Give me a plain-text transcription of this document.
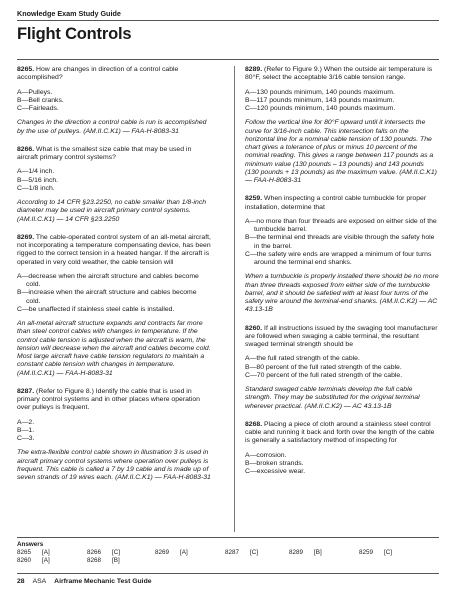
Knowledge Exam Study Guide
Flight Controls

8265. How are changes in direction of a control cable accomplished?

A—Pulleys.

B—Bell cranks.

C—Fairleads.

Changes in the direction a control cable is run is accomplished by the use of pulleys. (AM.II.C.K1) — FAA-H-8083-31

8266. What is the smallest size cable that may be used in aircraft primary control systems?

A—1/4 inch.

B—5/16 inch.

C—1/8 inch.

According to 14 CFR §23.2250, no cable smaller than 1/8-inch diameter may be used in aircraft primary control systems. (AM.II.C.K1) — 14 CFR §23.2250

8269. The cable-operated control system of an all-metal aircraft, not incorporating a temperature compensating device, has been rigged to the correct tension in a heated hangar. If the aircraft is operated in very cold weather, the cable tension will

A—decrease when the aircraft structure and cables become cold.

B—increase when the aircraft structure and cables become cold.

C—be unaffected if stainless steel cable is installed.

An all-metal aircraft structure expands and contracts far more than steel control cables with changes in temperature. If the control cable tension is adjusted when the aircraft is warm, the tension will decrease when the aircraft and cables become cold. Most large aircraft have cable tension regulators to maintain a constant cable tension with changes in temperature. (AM.II.C.K1) — FAA-H-8083-31

8287. (Refer to Figure 8.) Identify the cable that is used in primary control systems and in other places where operation over pulleys is frequent.

A—2.

B—1.

C—3.

The extra-flexible control cable shown in illustration 3 is used in aircraft primary control systems where operation over pulleys is frequent. This cable is called a 7 by 19 cable and is made up of seven strands of 19 wires each. (AM.II.C.K1) — FAA-H-8083-31

8289. (Refer to Figure 9.) When the outside air temperature is 80°F, select the acceptable 3/16 cable tension range.

A—130 pounds minimum, 140 pounds maximum.

B—117 pounds minimum, 143 pounds maximum.

C—120 pounds minimum, 140 pounds maximum.

Follow the vertical line for 80°F upward until it intersects the curve for 3/16-inch cable. This intersection falls on the horizontal line for a nominal cable tension of 130 pounds. The chart gives a tolerance of plus or minus 10 percent of the nominal reading. This gives a range between 117 pounds as a minimum value (130 pounds – 13 pounds) and 143 pounds (130 pounds + 13 pounds) as the maximum value. (AM.II.C.K1) — FAA-H-8083-31

8259. When inspecting a control cable turnbuckle for proper installation, determine that

A—no more than four threads are exposed on either side of the turnbuckle barrel.

B—the terminal end threads are visible through the safety hole in the barrel.

C—the safety wire ends are wrapped a minimum of four turns around the terminal end shanks.

When a turnbuckle is properly installed there should be no more than three threads exposed from either side of the turnbuckle barrel, and it should be safetied with at least four turns of the safety wire around the terminal-end shanks. (AM.II.C.K2) — AC 43.13-1B

8260. If all instructions issued by the swaging tool manufacturer are followed when swaging a cable terminal, the resultant swaged terminal strength should be

A—the full rated strength of the cable.

B—80 percent of the full rated strength of the cable.

C—70 percent of the full rated strength of the cable.

Standard swaged cable terminals develop the full cable strength. They may be substituted for the original terminal wherever practical. (AM.II.C.K2) — AC 43.13-1B

8268. Placing a piece of cloth around a stainless steel control cable and running it back and forth over the length of the cable is generally a satisfactory method of inspecting for

A—corrosion.

B—broken strands.

C—excessive wear.

Answers
8265 [A]	8266 [C]	8269 [A]	8287 [C]	8289 [B]	8259 [C]
8260 [A]	8268 [B]
28 ASA Airframe Mechanic Test Guide
